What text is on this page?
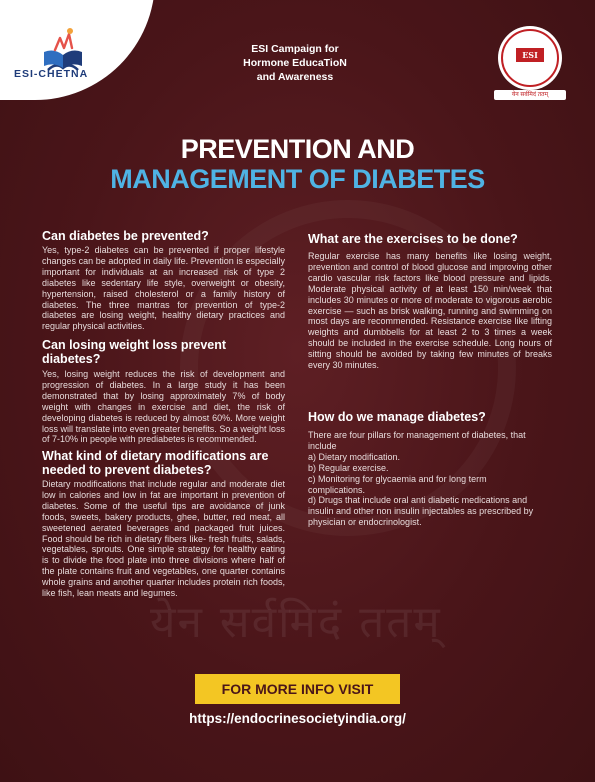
येन सर्वमिदं ततम्
ESI-CHETNA
ESI Campaign for
Hormone EducaTioN
and Awareness
ESI
येन सर्वमिदं ततम्
PREVENTION AND
MANAGEMENT OF DIABETES
Can diabetes be prevented?

Yes, type-2 diabetes can be prevented if proper lifestyle changes can be adopted in daily life. Prevention is especially important for individuals at an increased risk of type 2 diabetes like sedentary life style, overweight or obesity, hypertension, raised cholesterol or a family history of diabetes. The three mantras for prevention of type-2 diabetes are losing weight, healthy dietary practices and regular physical activities.

Can losing weight loss prevent diabetes?

Yes, losing weight reduces the risk of development and progression of diabetes. In a large study it has been demonstrated that by losing approximately 7% of body weight with changes in exercise and diet, the risk of developing diabetes is reduced by almost 60%. More weight loss will translate into even greater benefits. So a weight loss of 7-10% in people with prediabetes is recommended.

What kind of dietary modifications are needed to prevent diabetes?

Dietary modifications that include regular and moderate diet low in calories and low in fat are important in prevention of diabetes. Some of the useful tips are avoidance of junk foods, sweets, bakery products, ghee, butter, red meat, all sweetened aerated beverages and packaged fruit juices. Food should be rich in dietary fibers like- fresh fruits, salads, vegetables, sprouts. One simple strategy for healthy eating is to divide the food plate into three divisions where half of the plate contains fruit and vegetables, one quarter contains whole grains and another quarter includes protein rich foods, like fish, lean meats and legumes.

What are the exercises to be done?

Regular exercise has many benefits like losing weight, prevention and control of blood glucose and improving other cardio vascular risk factors like blood pressure and lipids. Moderate physical activity of at least 150 min/week that includes 30 minutes or more of moderate to vigorous aerobic exercise — such as brisk walking, running and swimming on most days are recommended. Resistance exercise like lifting weights and dumbbells for at least 2 to 3 times a week should be included in the exercise schedule. Long hours of sitting should be avoided by taking few minutes of breaks every 30 minutes.

How do we manage diabetes?

There are four pillars for management of diabetes, that include

a) Dietary modification.
b) Regular exercise.
c) Monitoring for glycaemia and for long term complications.
d) Drugs that include oral anti diabetic medications and insulin and other non insulin injectables as prescribed by physician or endocrinologist.
FOR MORE INFO VISIT
https://endocrinesocietyindia.org/
